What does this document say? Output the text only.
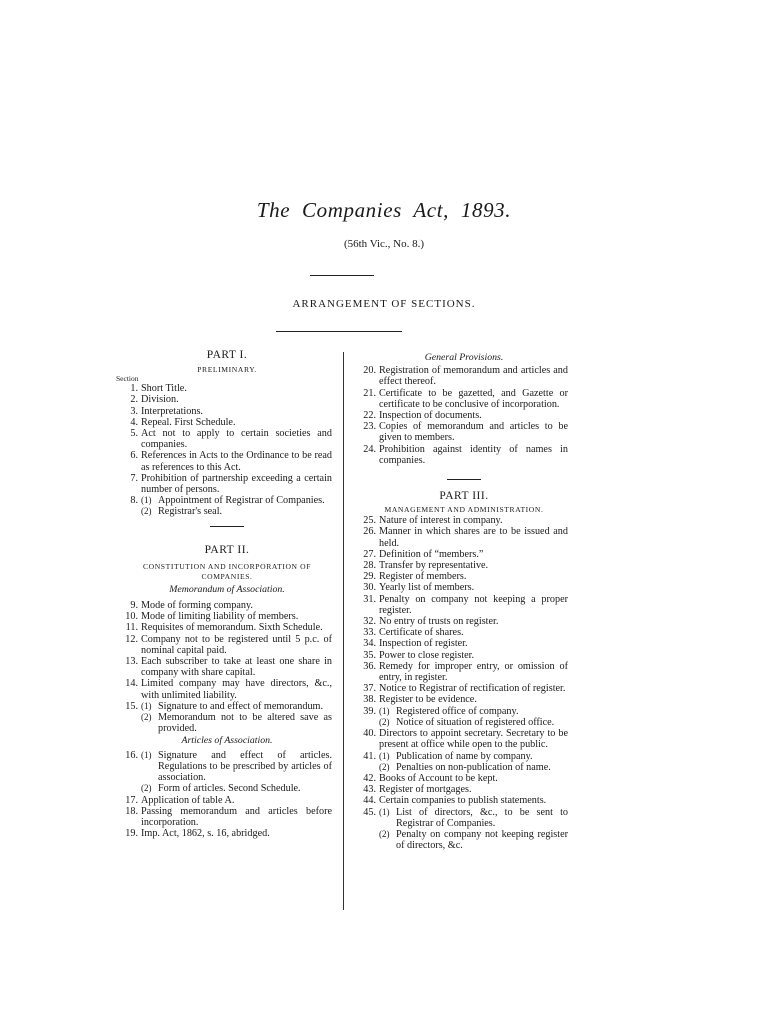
The Companies Act, 1893.
(56th Vic., No. 8.)
ARRANGEMENT OF SECTIONS.

PART I.

PRELIMINARY.

Section

1. Short Title.
2. Division.
3. Interpretations.
4. Repeal. First Schedule.
5. Act not to apply to certain societies and companies.
6. References in Acts to the Ordinance to be read as references to this Act.
7. Prohibition of partnership exceeding a certain number of persons.
8. (1) Appointment of Registrar of Companies.
(2) Registrar's seal.

PART II.

CONSTITUTION AND INCORPORATION OF COMPANIES.

Memorandum of Association.

9. Mode of forming company.
10. Mode of limiting liability of members.
11. Requisites of memorandum. Sixth Schedule.
12. Company not to be registered until 5 p.c. of nominal capital paid.
13. Each subscriber to take at least one share in company with share capital.
14. Limited company may have directors, &c., with unlimited liability.
15. (1) Signature to and effect of memorandum.
(2) Memorandum not to be altered save as provided.

Articles of Association.

16. (1) Signature and effect of articles. Regulations to be prescribed by articles of association.
(2) Form of articles. Second Schedule.
17. Application of table A.
18. Passing memorandum and articles before incorporation.
19. Imp. Act, 1862, s. 16, abridged.

General Provisions.

20. Registration of memorandum and articles and effect thereof.
21. Certificate to be gazetted, and Gazette or certificate to be conclusive of incorporation.
22. Inspection of documents.
23. Copies of memorandum and articles to be given to members.
24. Prohibition against identity of names in companies.

PART III.

MANAGEMENT AND ADMINISTRATION.

25. Nature of interest in company.
26. Manner in which shares are to be issued and held.
27. Definition of “members.”
28. Transfer by representative.
29. Register of members.
30. Yearly list of members.
31. Penalty on company not keeping a proper register.
32. No entry of trusts on register.
33. Certificate of shares.
34. Inspection of register.
35. Power to close register.
36. Remedy for improper entry, or omission of entry, in register.
37. Notice to Registrar of rectification of register.
38. Register to be evidence.
39. (1) Registered office of company.
(2) Notice of situation of registered office.
40. Directors to appoint secretary. Secretary to be present at office while open to the public.
41. (1) Publication of name by company.
(2) Penalties on non-publication of name.
42. Books of Account to be kept.
43. Register of mortgages.
44. Certain companies to publish statements.
45. (1) List of directors, &c., to be sent to Registrar of Companies.
(2) Penalty on company not keeping register of directors, &c.
